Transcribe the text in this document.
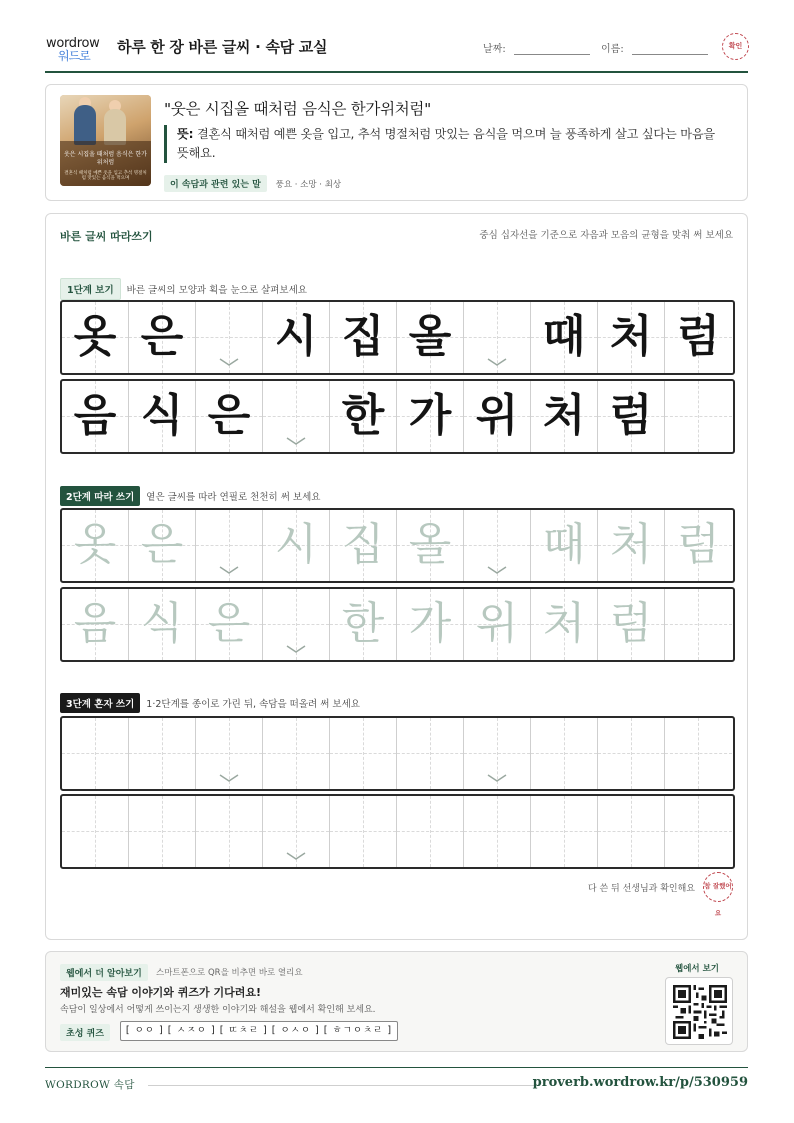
wordrow
워드로 하루 한 장 바른 글씨 · 속담 교실	날짜:	이름:	확인
웃은 시집올 때처럼 음식은 한가위처럼
결혼식 때처럼 예쁜 옷을 입고 추석 명절처럼 맛있는 음식을 먹으며
"웃은 시집올 때처럼 음식은 한가위처럼"
뜻: 결혼식 때처럼 예쁜 옷을 입고, 추석 명절처럼 맛있는 음식을 먹으며 늘 풍족하게 살고 싶다는 마음을 뜻해요.
이 속담과 관련 있는 말 풍요 · 소망 · 최상
바른 글씨 따라쓰기	중심 십자선을 기준으로 자음과 모음의 균형을 맞춰 써 보세요
1단계 보기 바른 글씨의 모양과 획을 눈으로 살펴보세요
옷 은 시 집 올 때 처 럼
음 식 은 한 가 위 처 럼
2단계 따라 쓰기 옅은 글씨를 따라 연필로 천천히 써 보세요
옷 은 시 집 올 때 처 럼
음 식 은 한 가 위 처 럼
3단계 혼자 쓰기 1·2단계를 종이로 가린 뒤, 속담을 떠올려 써 보세요
다 쓴 뒤 선생님과 확인해요 참 잘했어요
웹에서 더 알아보기	스마트폰으로 QR을 비추면 바로 열리요
재미있는 속담 이야기와 퀴즈가 기다려요!
속담이 일상에서 어떻게 쓰이는지 생생한 이야기와 해설을 웹에서 확인해 보세요.
초성 퀴즈	[ ㅇㅇ ] [ ㅅㅈㅇ ] [ ㄸㅊㄹ ] [ ㅇㅅㅇ ] [ ㅎㄱㅇㅊㄹ ]
웹에서 보기
WORDROW 속담	proverb.wordrow.kr/p/530959
